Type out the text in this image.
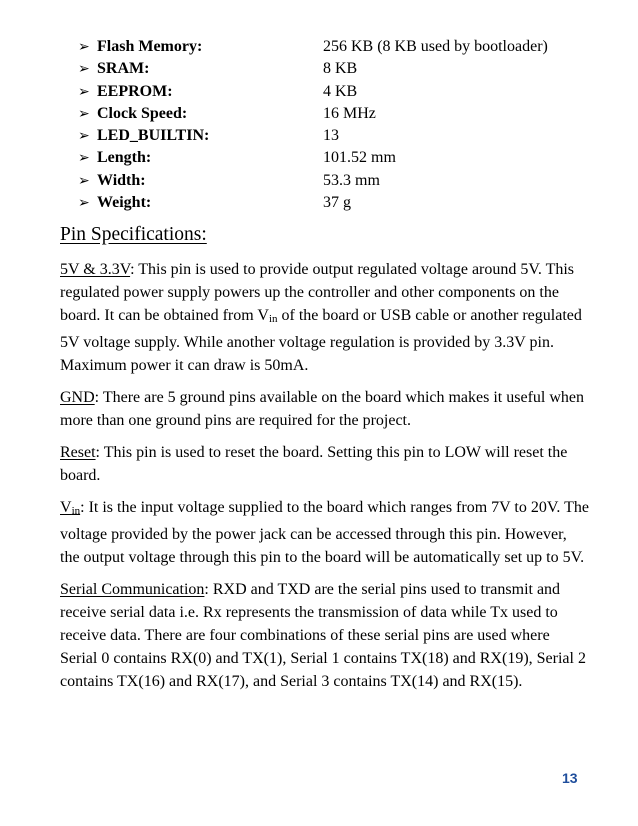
➢ Flash Memory:	256 KB (8 KB used by bootloader)
➢ SRAM:	8 KB
➢ EEPROM:	4 KB
➢ Clock Speed:	16 MHz
➢ LED_BUILTIN:	13
➢ Length:	101.52 mm
➢ Width:	53.3 mm
➢ Weight:	37 g
Pin Specifications:

5V & 3.3V: This pin is used to provide output regulated voltage around 5V. This regulated power supply powers up the controller and other components on the board. It can be obtained from Vin of the board or USB cable or another regulated 5V voltage supply. While another voltage regulation is provided by 3.3V pin. Maximum power it can draw is 50mA.

GND: There are 5 ground pins available on the board which makes it useful when more than one ground pins are required for the project.

Reset: This pin is used to reset the board. Setting this pin to LOW will reset the board.

Vin: It is the input voltage supplied to the board which ranges from 7V to 20V. The voltage provided by the power jack can be accessed through this pin. However, the output voltage through this pin to the board will be automatically set up to 5V.

Serial Communication: RXD and TXD are the serial pins used to transmit and receive serial data i.e. Rx represents the transmission of data while Tx used to receive data. There are four combinations of these serial pins are used where Serial 0 contains RX(0) and TX(1), Serial 1 contains TX(18) and RX(19), Serial 2 contains TX(16) and RX(17), and Serial 3 contains TX(14) and RX(15).

13
